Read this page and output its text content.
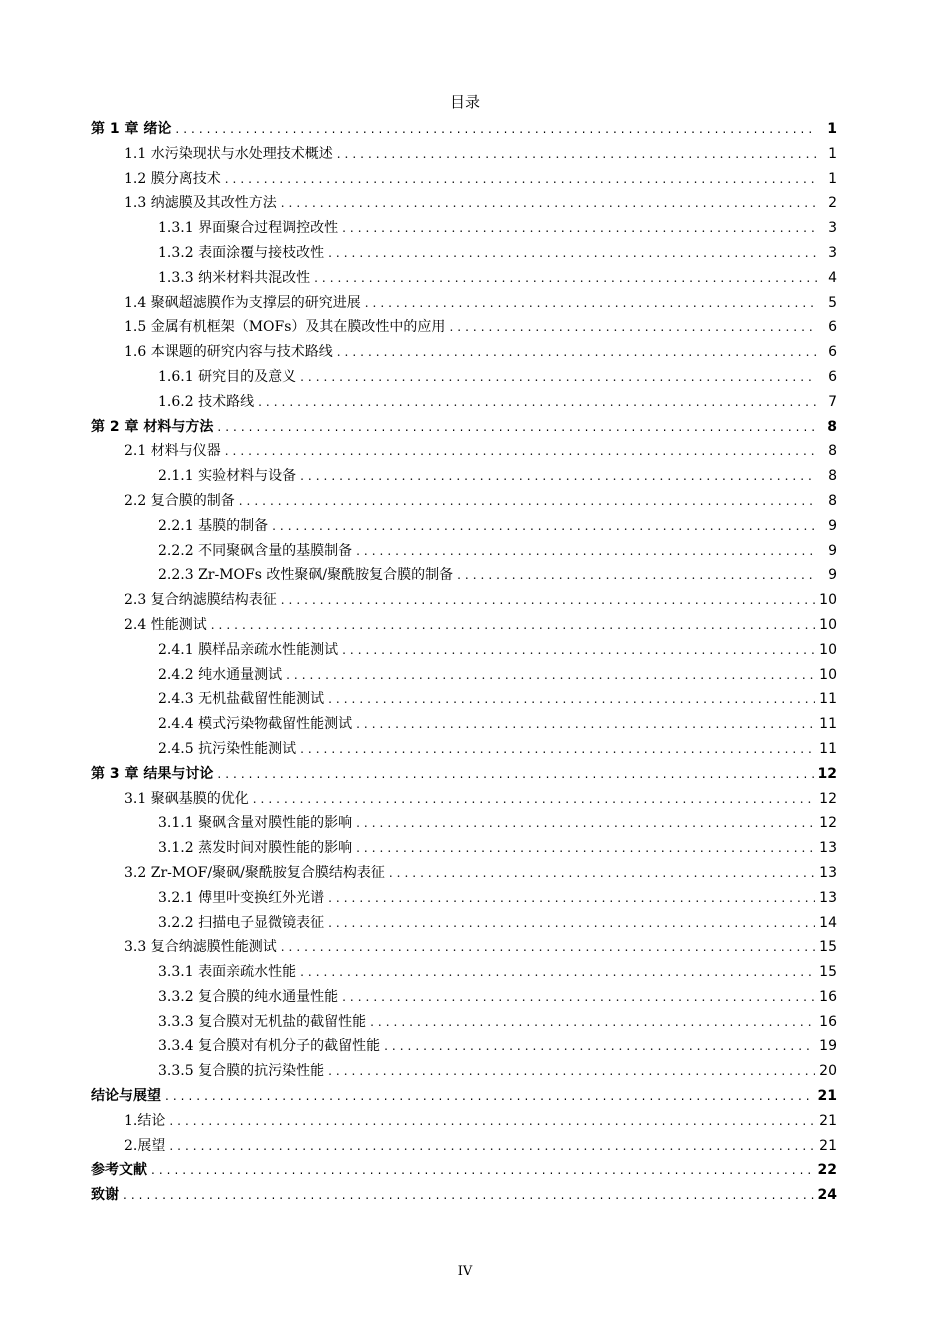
目录
第 1 章 绪论 .....	1
1.1 水污染现状与水处理技术概述 .....	1
1.2 膜分离技术 .....	1
1.3 纳滤膜及其改性方法 .....	2
1.3.1 界面聚合过程调控改性 .....	3
1.3.2 表面涂覆与接枝改性 .....	3
1.3.3 纳米材料共混改性 .....	4
1.4 聚砜超滤膜作为支撑层的研究进展 .....	5
1.5 金属有机框架（MOFs）及其在膜改性中的应用 .....	6
1.6 本课题的研究内容与技术路线 .....	6
1.6.1 研究目的及意义 .....	6
1.6.2 技术路线 .....	7
第 2 章 材料与方法 .....	8
2.1 材料与仪器 .....	8
2.1.1 实验材料与设备 .....	8
2.2 复合膜的制备 .....	8
2.2.1 基膜的制备 .....	9
2.2.2 不同聚砜含量的基膜制备 .....	9
2.2.3 Zr-MOFs 改性聚砜/聚酰胺复合膜的制备 .....	9
2.3 复合纳滤膜结构表征 .....	10
2.4 性能测试 .....	10
2.4.1 膜样品亲疏水性能测试 .....	10
2.4.2 纯水通量测试 .....	10
2.4.3 无机盐截留性能测试 .....	11
2.4.4 模式污染物截留性能测试 .....	11
2.4.5 抗污染性能测试 .....	11
第 3 章 结果与讨论 .....	12
3.1 聚砜基膜的优化 .....	12
3.1.1 聚砜含量对膜性能的影响 .....	12
3.1.2 蒸发时间对膜性能的影响 .....	13
3.2 Zr-MOF/聚砜/聚酰胺复合膜结构表征 .....	13
3.2.1 傅里叶变换红外光谱 .....	13
3.2.2 扫描电子显微镜表征 .....	14
3.3 复合纳滤膜性能测试 .....	15
3.3.1 表面亲疏水性能 .....	15
3.3.2 复合膜的纯水通量性能 .....	16
3.3.3 复合膜对无机盐的截留性能 .....	16
3.3.4 复合膜对有机分子的截留性能 .....	19
3.3.5 复合膜的抗污染性能 .....	20
结论与展望 .....	21
1.结论 .....	21
2.展望 .....	21
参考文献 .....	22
致谢 .....	24
IV
